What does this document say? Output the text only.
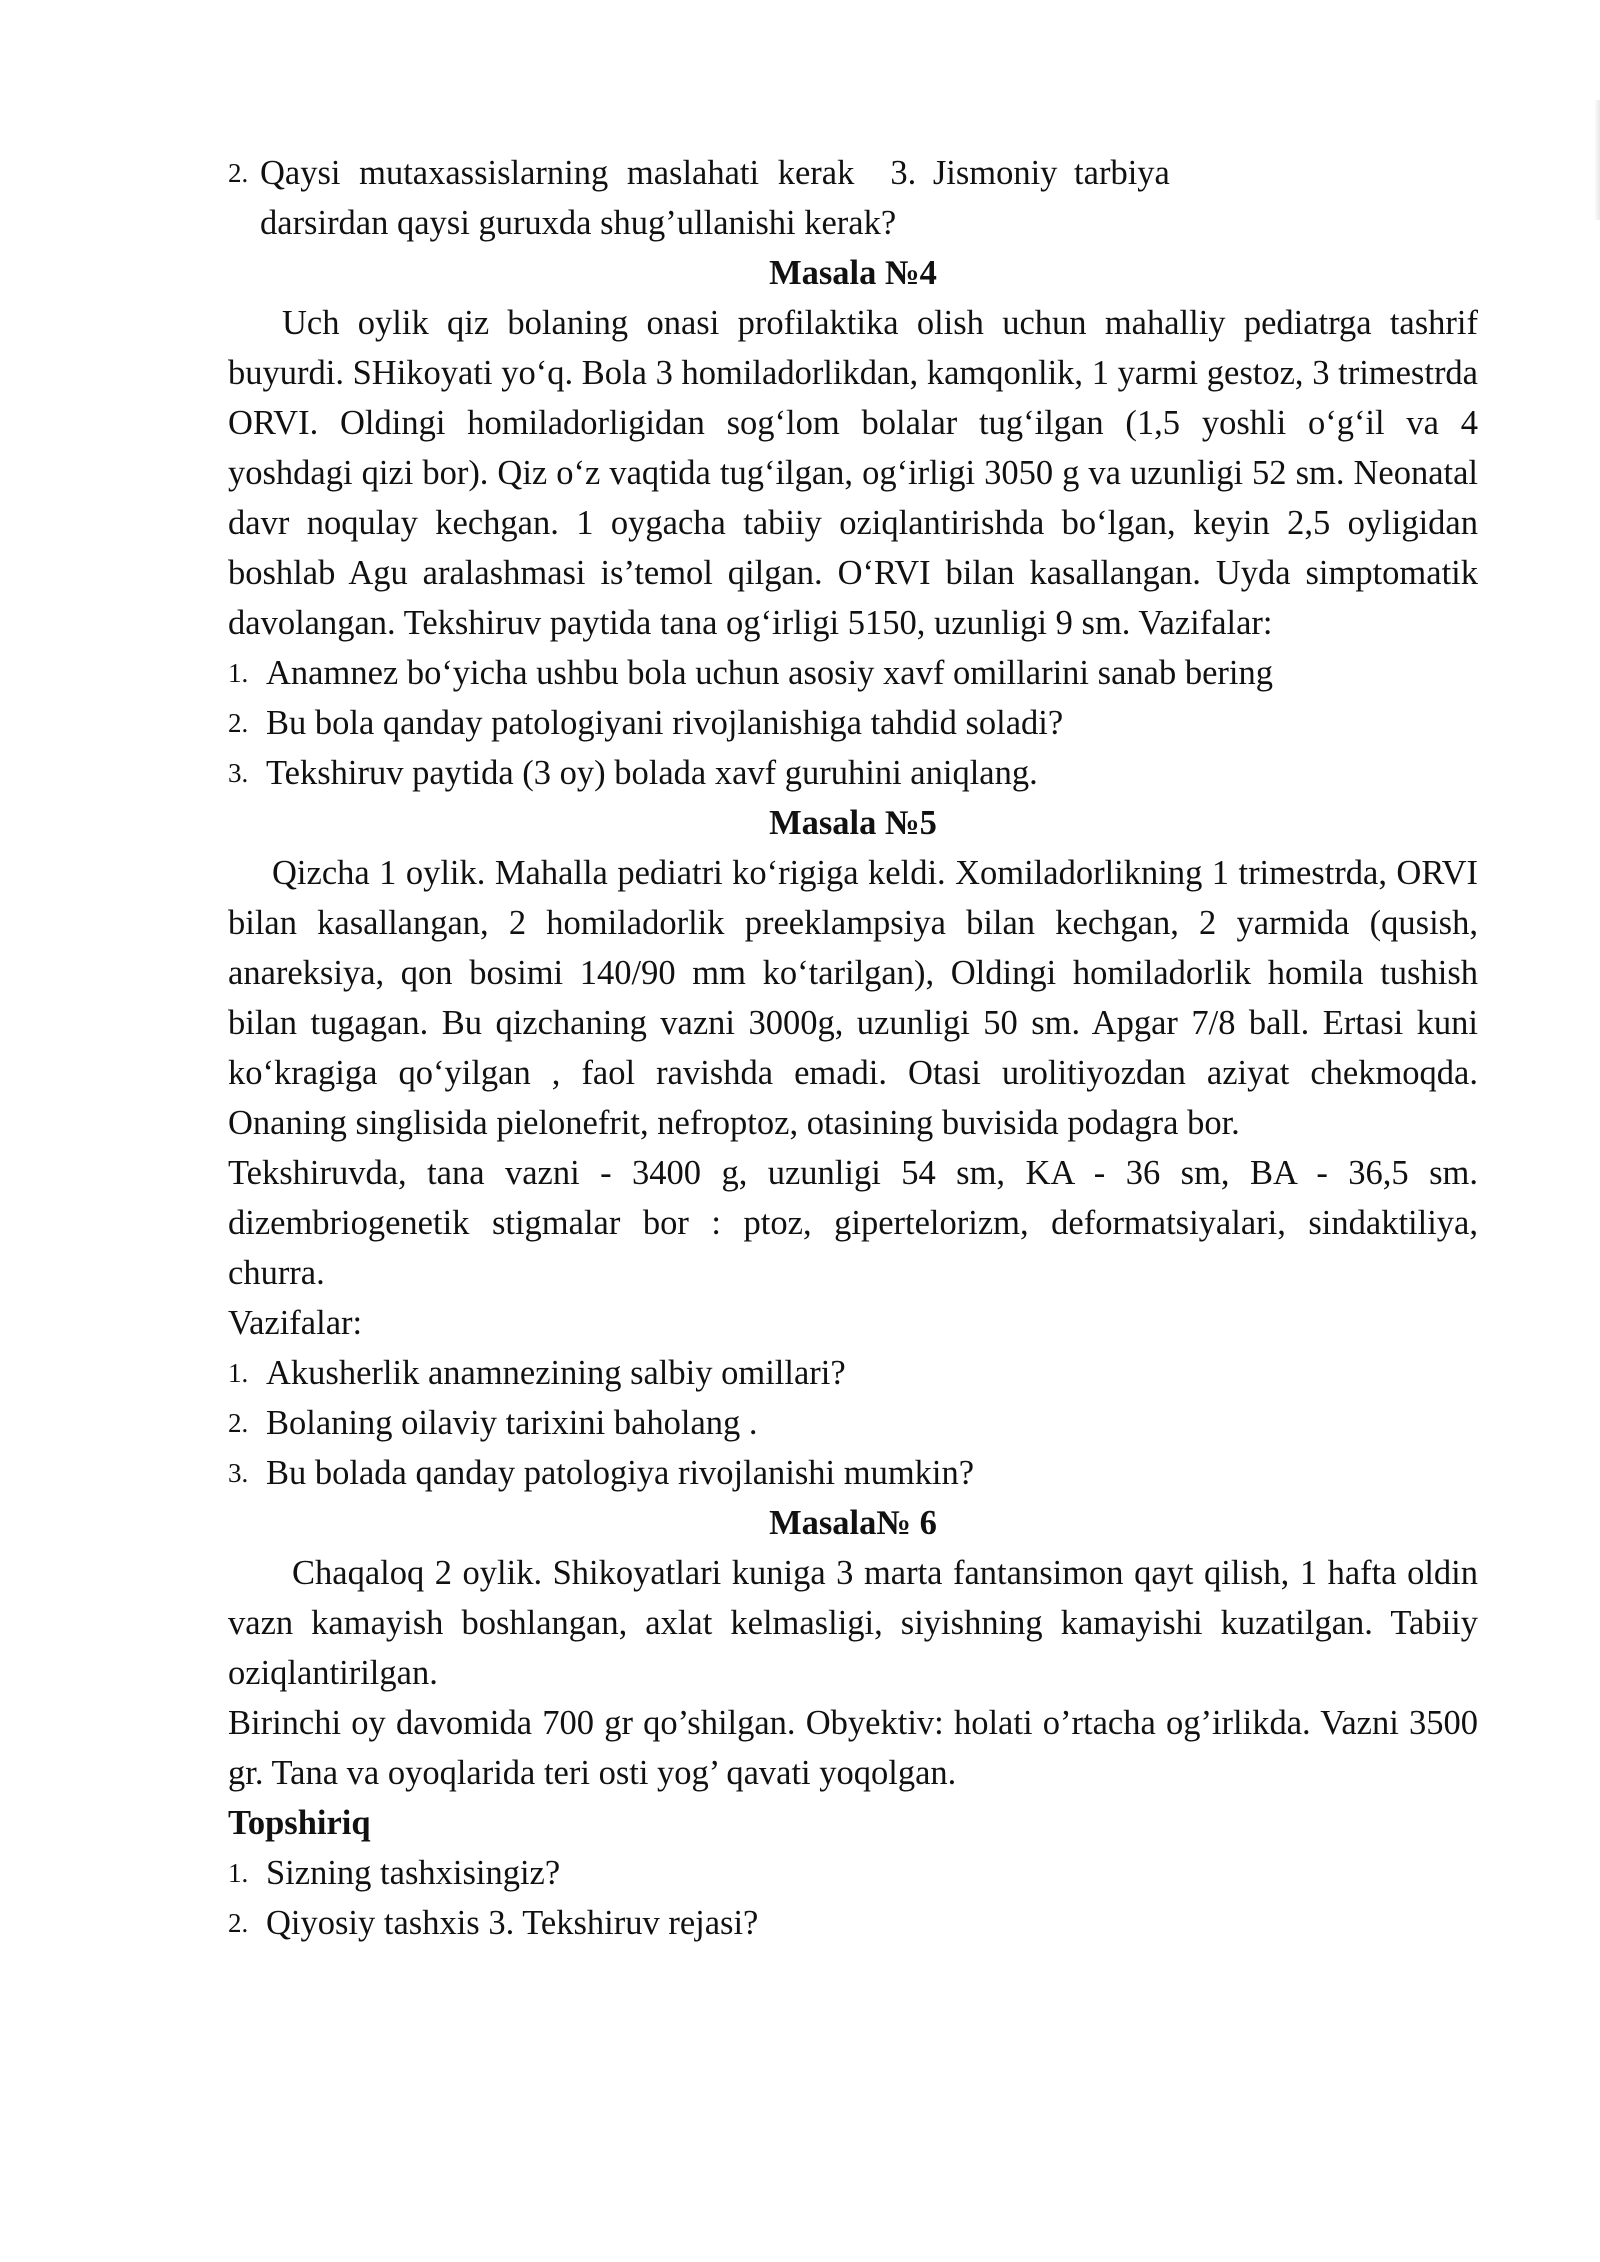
2. Qaysi mutaxassislarning maslahati kerak 3. Jismoniy tarbiya

darsirdan qaysi guruxda shug’ullanishi kerak?

Masala №4

Uch oylik qiz bolaning onasi profilaktika olish uchun mahalliy pediatrga tashrif buyurdi. SHikoyati yo‘q. Bola 3 homiladorlikdan, kamqonlik, 1 yarmi gestoz, 3 trimestrda ORVI. Oldingi homiladorligidan sog‘lom bolalar tug‘ilgan (1,5 yoshli o‘g‘il va 4 yoshdagi qizi bor). Qiz o‘z vaqtida tug‘ilgan, og‘irligi 3050 g va uzunligi 52 sm. Neonatal davr noqulay kechgan. 1 oygacha tabiiy oziqlantirishda bo‘lgan, keyin 2,5 oyligidan boshlab Agu aralashmasi is’temol qilgan. O‘RVI bilan kasallangan. Uyda simptomatik davolangan. Tekshiruv paytida tana og‘irligi 5150, uzunligi 9 sm. Vazifalar:

1. Anamnez bo‘yicha ushbu bola uchun asosiy xavf omillarini sanab bering
2. Bu bola qanday patologiyani rivojlanishiga tahdid soladi?
3. Tekshiruv paytida (3 oy) bolada xavf guruhini aniqlang.

Masala №5

Qizcha 1 oylik. Mahalla pediatri ko‘rigiga keldi. Xomiladorlikning 1 trimestrda, ORVI bilan kasallangan, 2 homiladorlik preeklampsiya bilan kechgan, 2 yarmida (qusish, anareksiya, qon bosimi 140/90 mm ko‘tarilgan), Oldingi homiladorlik homila tushish bilan tugagan. Bu qizchaning vazni 3000g, uzunligi 50 sm. Apgar 7/8 ball. Ertasi kuni ko‘kragiga qo‘yilgan , faol ravishda emadi. Otasi urolitiyozdan aziyat chekmoqda. Onaning singlisida pielonefrit, nefroptoz, otasining buvisida podagra bor.

Tekshiruvda, tana vazni - 3400 g, uzunligi 54 sm, KA - 36 sm, BA - 36,5 sm. dizembriogenetik stigmalar bor : ptoz, gipertelorizm, deformatsiyalari, sindaktiliya, churra.

Vazifalar:

1. Akusherlik anamnezining salbiy omillari?
2. Bolaning oilaviy tarixini baholang .
3. Bu bolada qanday patologiya rivojlanishi mumkin?

Masala№ 6

Chaqaloq 2 oylik. Shikoyatlari kuniga 3 marta fantansimon qayt qilish, 1 hafta oldin vazn kamayish boshlangan, axlat kelmasligi, siyishning kamayishi kuzatilgan. Tabiiy oziqlantirilgan.

Birinchi oy davomida 700 gr qo’shilgan. Obyektiv: holati o’rtacha og’irlikda. Vazni 3500 gr. Tana va oyoqlarida teri osti yog’ qavati yoqolgan.

Topshiriq

1. Sizning tashxisingiz?
2. Qiyosiy tashxis 3. Tekshiruv rejasi?
